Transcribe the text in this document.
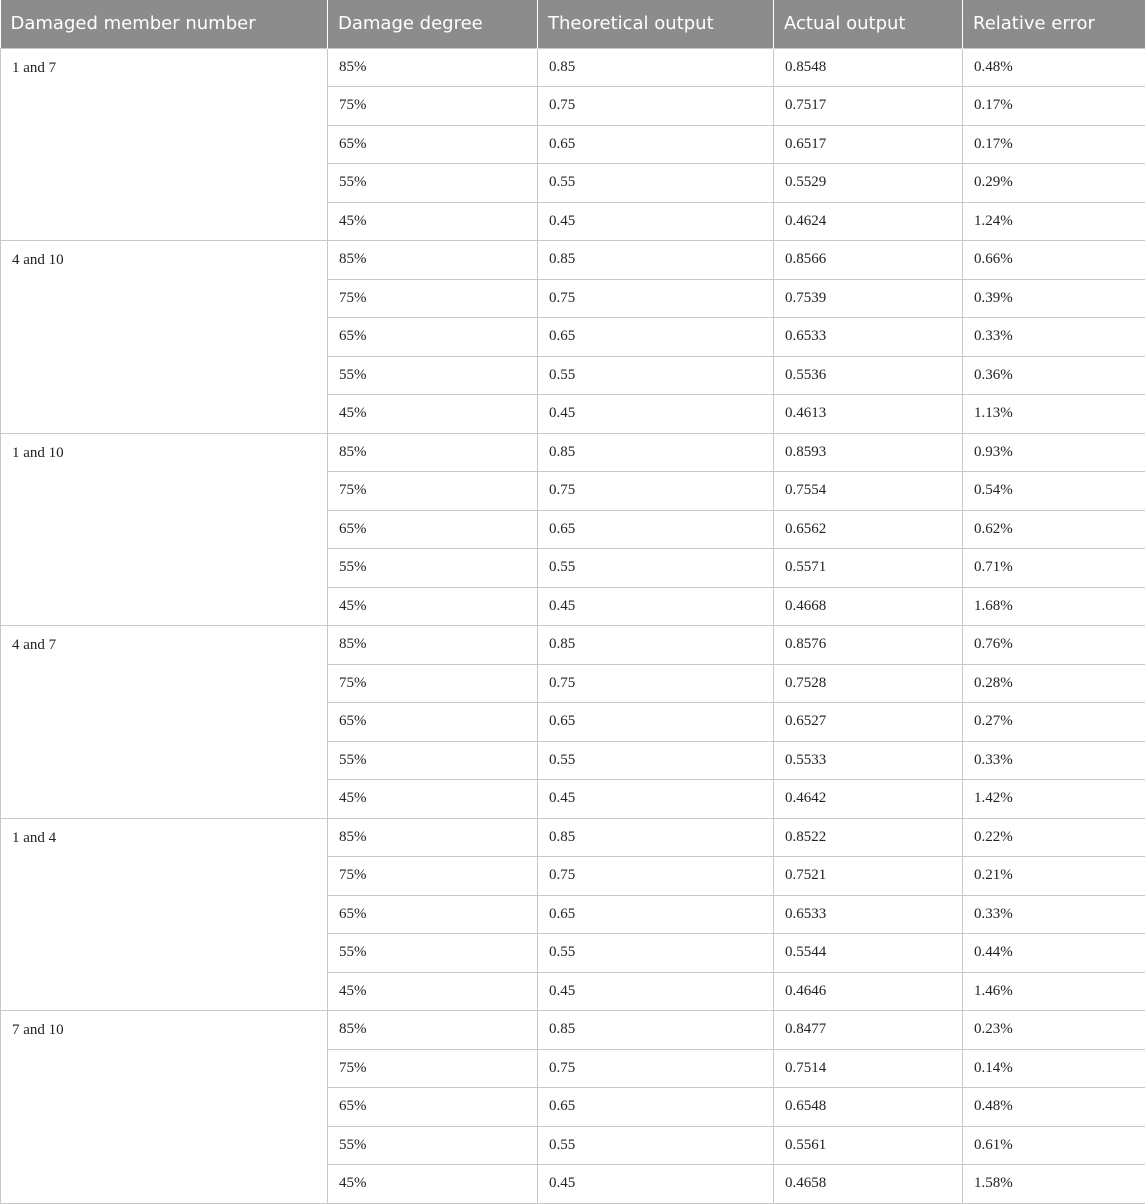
Damaged member number	Damage degree	Theoretical output	Actual output	Relative error
1 and 7	85%	0.85	0.8548	0.48%
	75%	0.75	0.7517	0.17%
	65%	0.65	0.6517	0.17%
	55%	0.55	0.5529	0.29%
	45%	0.45	0.4624	1.24%
4 and 10	85%	0.85	0.8566	0.66%
	75%	0.75	0.7539	0.39%
	65%	0.65	0.6533	0.33%
	55%	0.55	0.5536	0.36%
	45%	0.45	0.4613	1.13%
1 and 10	85%	0.85	0.8593	0.93%
	75%	0.75	0.7554	0.54%
	65%	0.65	0.6562	0.62%
	55%	0.55	0.5571	0.71%
	45%	0.45	0.4668	1.68%
4 and 7	85%	0.85	0.8576	0.76%
	75%	0.75	0.7528	0.28%
	65%	0.65	0.6527	0.27%
	55%	0.55	0.5533	0.33%
	45%	0.45	0.4642	1.42%
1 and 4	85%	0.85	0.8522	0.22%
	75%	0.75	0.7521	0.21%
	65%	0.65	0.6533	0.33%
	55%	0.55	0.5544	0.44%
	45%	0.45	0.4646	1.46%
7 and 10	85%	0.85	0.8477	0.23%
	75%	0.75	0.7514	0.14%
	65%	0.65	0.6548	0.48%
	55%	0.55	0.5561	0.61%
	45%	0.45	0.4658	1.58%
